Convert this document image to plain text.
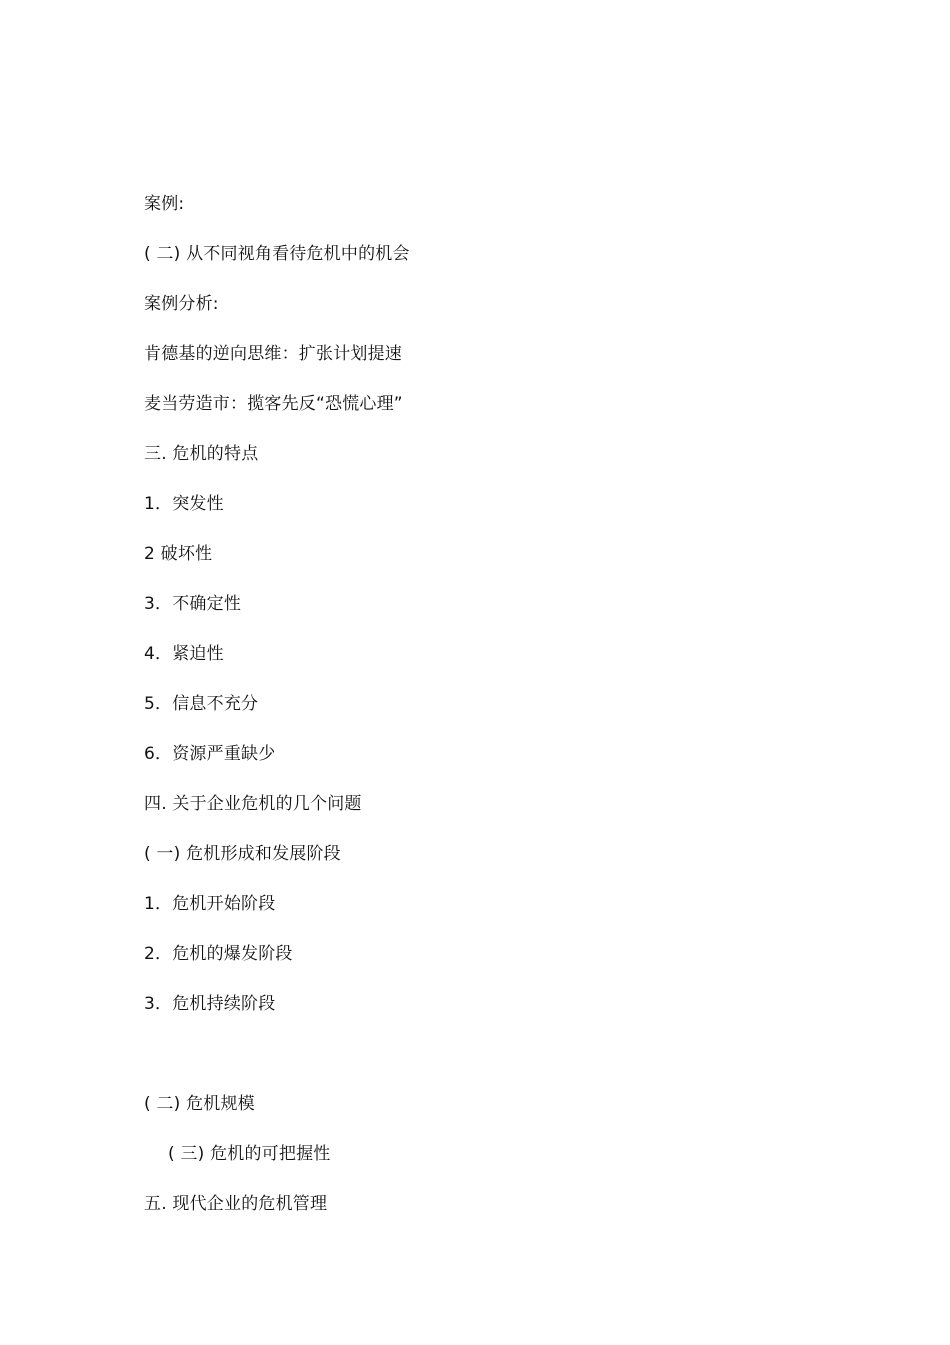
案例:
( 二) 从不同视角看待危机中的机会
案例分析:
肯德基的逆向思维：扩张计划提速
麦当劳造市：揽客先反“恐慌心理”
三. 危机的特点
1．突发性
2 破坏性
3．不确定性
4．紧迫性
5．信息不充分
6．资源严重缺少
四. 关于企业危机的几个问题
( 一) 危机形成和发展阶段
1．危机开始阶段
2．危机的爆发阶段
3．危机持续阶段
( 二) 危机规模
( 三) 危机的可把握性
五. 现代企业的危机管理
